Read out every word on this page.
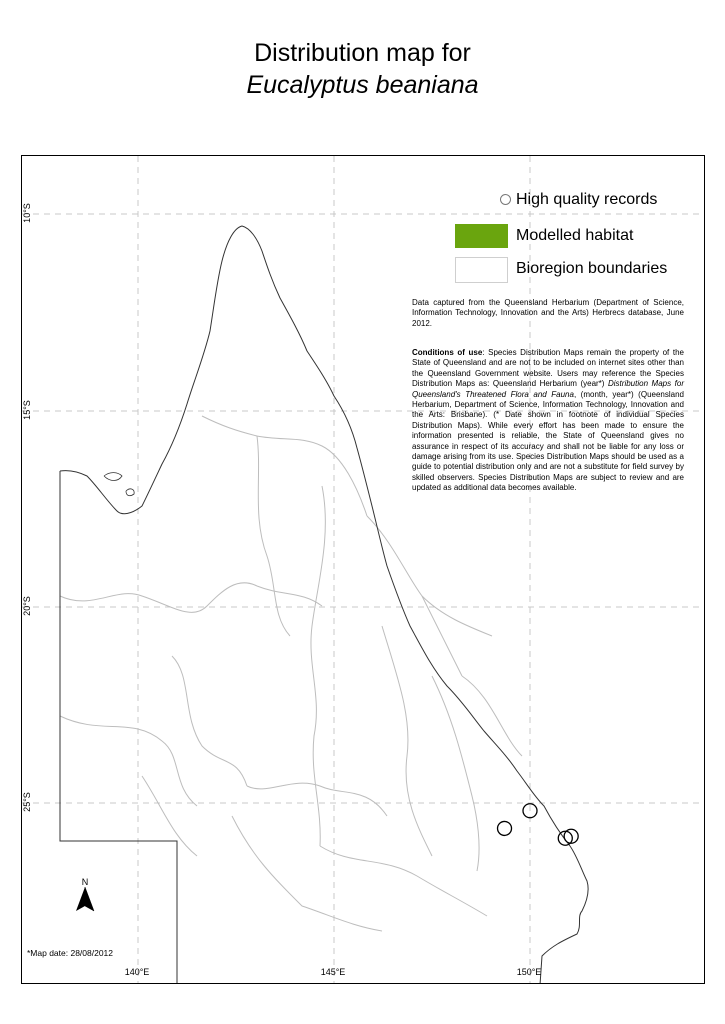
Distribution map for
Eucalyptus beaniana
10°S
15°S
20°S
25°S
140°E	145°E	150°E
High quality records
Modelled habitat
Bioregion boundaries
Data captured from the Queensland Herbarium (Department of Science, Information Technology, Innovation and the Arts) Herbrecs database, June 2012.
Conditions of use: Species Distribution Maps remain the property of the State of Queensland and are not to be included on internet sites other than the Queensland Government website. Users may reference the Species Distribution Maps as: Queensland Herbarium (year*) Distribution Maps for Queensland's Threatened Flora and Fauna, (month, year*) (Queensland Herbarium, Department of Science, Information Technology, Innovation and the Arts: Brisbane). (* Date shown in footnote of individual Species Distribution Maps). While every effort has been made to ensure the information presented is reliable, the State of Queensland gives no assurance in respect of its accuracy and shall not be liable for any loss or damage arising from its use. Species Distribution Maps should be used as a guide to potential distribution only and are not a substitute for field survey by skilled observers. Species Distribution Maps are subject to review and are updated as additional data becomes available.
N
*Map date: 28/08/2012
